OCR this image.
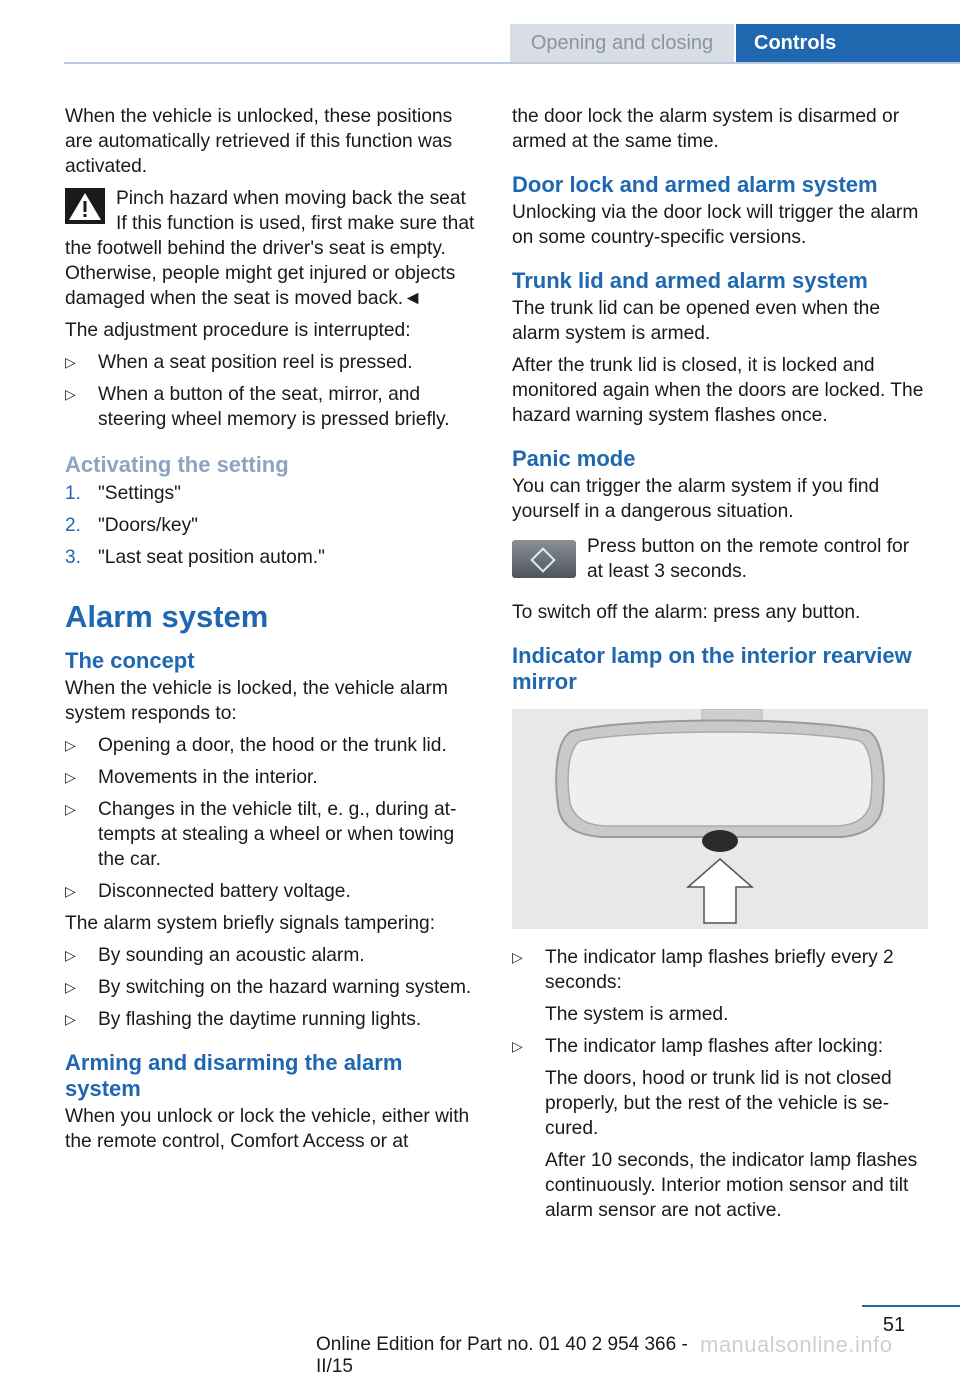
Opening and closing	Controls

When the vehicle is unlocked, these positions are automatically retrieved if this function was activated.

Pinch hazard when moving back the seat

If this function is used, first make sure that the footwell behind the driver's seat is empty. Otherwise, people might get injured or objects damaged when the seat is moved back.◄

The adjustment procedure is interrupted:

▷ When a seat position reel is pressed.
▷ When a button of the seat, mirror, and steering wheel memory is pressed briefly.
Activating the setting
1. "Settings"
2. "Doors/key"
3. "Last seat position autom."
Alarm system
The concept

When the vehicle is locked, the vehicle alarm system responds to:

▷ Opening a door, the hood or the trunk lid.
▷ Movements in the interior.
▷ Changes in the vehicle tilt, e. g., during attempts at stealing a wheel or when towing the car.
▷ Disconnected battery voltage.

The alarm system briefly signals tampering:

▷ By sounding an acoustic alarm.
▷ By switching on the hazard warning system.
▷ By flashing the daytime running lights.
Arming and disarming the alarm system

When you unlock or lock the vehicle, either with the remote control, Comfort Access or at

the door lock the alarm system is disarmed or armed at the same time.

Door lock and armed alarm system

Unlocking via the door lock will trigger the alarm on some country-specific versions.

Trunk lid and armed alarm system

The trunk lid can be opened even when the alarm system is armed.

After the trunk lid is closed, it is locked and monitored again when the doors are locked. The hazard warning system flashes once.

Panic mode

You can trigger the alarm system if you find yourself in a dangerous situation.

Press button on the remote control for at least 3 seconds.

To switch off the alarm: press any button.

Indicator lamp on the interior rearview mirror
▷ The indicator lamp flashes briefly every 2 seconds:

The system is armed.

▷ The indicator lamp flashes after locking:

The doors, hood or trunk lid is not closed properly, but the rest of the vehicle is secured.

After 10 seconds, the indicator lamp flashes continuously. Interior motion sensor and tilt alarm sensor are not active.

51
Online Edition for Part no. 01 40 2 954 366 - II/15
manualsonline.info
